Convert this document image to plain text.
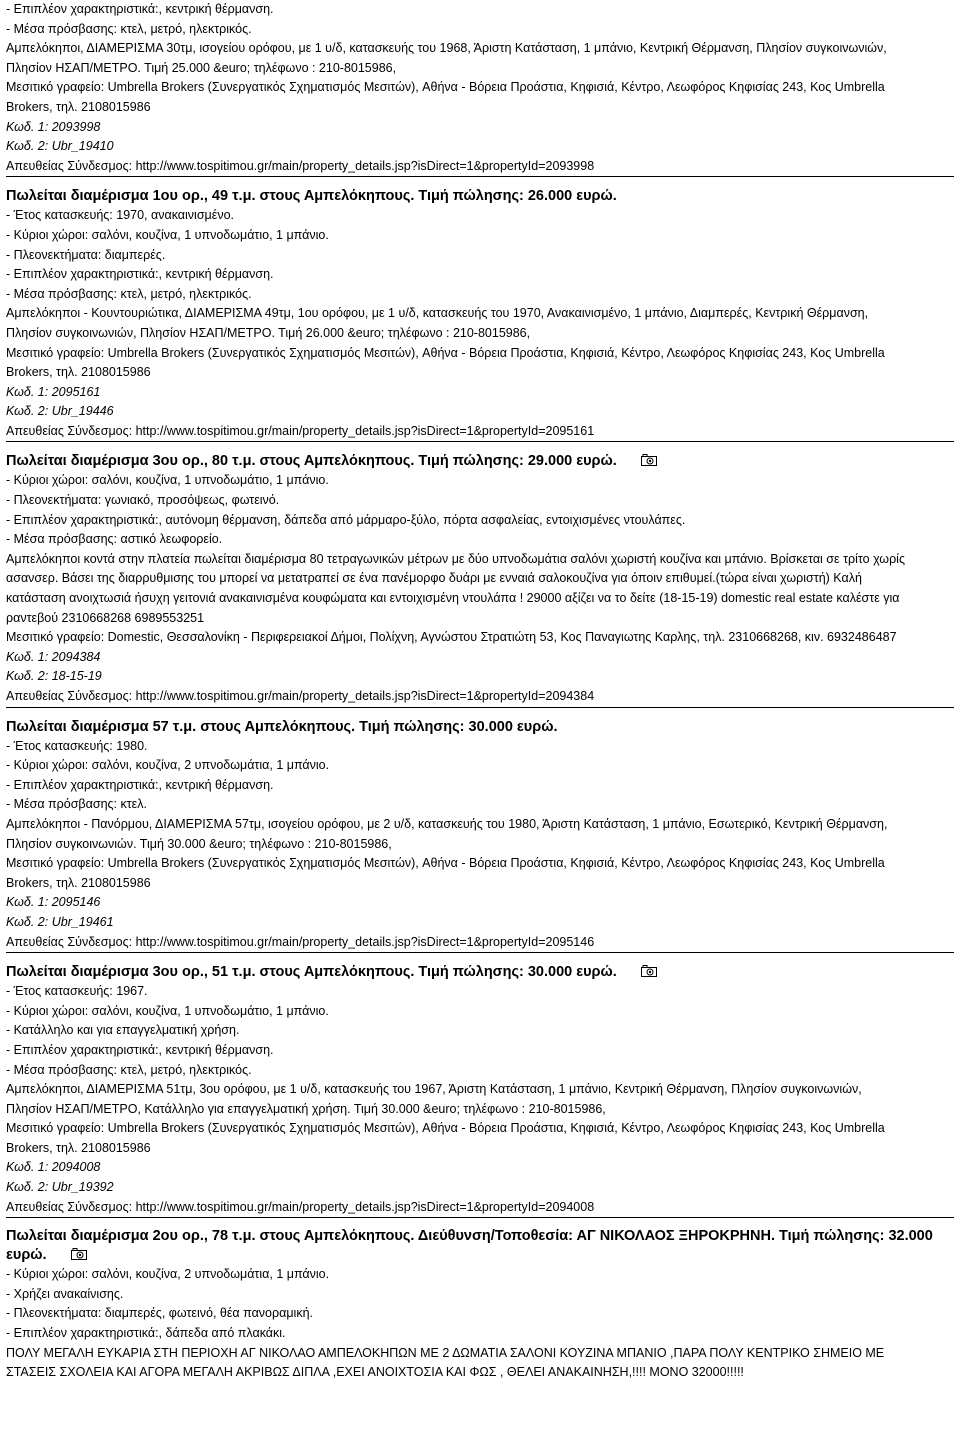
- Επιπλέον χαρακτηριστικά:, κεντρική θέρμανση.
- Μέσα πρόσβασης: κτελ, μετρό, ηλεκτρικός.
Αμπελόκηποι, ΔΙΑΜΕΡΙΣΜΑ 30τμ, ισογείου ορόφου, με 1 υ/δ, κατασκευής του 1968, Άριστη Κατάσταση, 1 μπάνιο, Κεντρική Θέρμανση, Πλησίον συγκοινωνιών,
Πλησίον ΗΣΑΠ/ΜΕΤΡΟ. Τιμή 25.000 &euro; τηλέφωνο : 210-8015986,
Μεσιτικό γραφείο: Umbrella Brokers (Συνεργατικός Σχηματισμός Μεσιτών), Αθήνα - Βόρεια Προάστια, Κηφισιά, Κέντρο, Λεωφόρος Κηφισίας 243, Κος Umbrella
Brokers, τηλ. 2108015986
Κωδ. 1: 2093998
Κωδ. 2: Ubr_19410
Απευθείας Σύνδεσμος: http://www.tospitimou.gr/main/property_details.jsp?isDirect=1&propertyId=2093998
Πωλείται διαμέρισμα 1ου ορ., 49 τ.μ. στους Αμπελόκηπους. Τιμή πώλησης: 26.000 ευρώ.
- Έτος κατασκευής: 1970, ανακαινισμένο.
- Κύριοι χώροι: σαλόνι, κουζίνα, 1 υπνοδωμάτιο, 1 μπάνιο.
- Πλεονεκτήματα: διαμπερές.
- Επιπλέον χαρακτηριστικά:, κεντρική θέρμανση.
- Μέσα πρόσβασης: κτελ, μετρό, ηλεκτρικός.
Αμπελόκηποι - Κουντουριώτικα, ΔΙΑΜΕΡΙΣΜΑ 49τμ, 1ου ορόφου, με 1 υ/δ, κατασκευής του 1970, Ανακαινισμένο, 1 μπάνιο, Διαμπερές, Κεντρική Θέρμανση,
Πλησίον συγκοινωνιών, Πλησίον ΗΣΑΠ/ΜΕΤΡΟ. Τιμή 26.000 &euro; τηλέφωνο : 210-8015986,
Μεσιτικό γραφείο: Umbrella Brokers (Συνεργατικός Σχηματισμός Μεσιτών), Αθήνα - Βόρεια Προάστια, Κηφισιά, Κέντρο, Λεωφόρος Κηφισίας 243, Κος Umbrella
Brokers, τηλ. 2108015986
Κωδ. 1: 2095161
Κωδ. 2: Ubr_19446
Απευθείας Σύνδεσμος: http://www.tospitimou.gr/main/property_details.jsp?isDirect=1&propertyId=2095161
Πωλείται διαμέρισμα 3ου ορ., 80 τ.μ. στους Αμπελόκηπους. Τιμή πώλησης: 29.000 ευρώ.
- Κύριοι χώροι: σαλόνι, κουζίνα, 1 υπνοδωμάτιο, 1 μπάνιο.
- Πλεονεκτήματα: γωνιακό, προσόψεως, φωτεινό.
- Επιπλέον χαρακτηριστικά:, αυτόνομη θέρμανση, δάπεδα από μάρμαρο-ξύλο, πόρτα ασφαλείας, εντοιχισμένες ντουλάπες.
- Μέσα πρόσβασης: αστικό λεωφορείο.
Αμπελόκηποι κοντά στην πλατεία πωλείται διαμέρισμα 80 τετραγωνικών μέτρων με δύο υπνοδωμάτια σαλόνι χωριστή κουζίνα και μπάνιο. Βρίσκεται σε τρίτο χωρίς
ασανσερ. Βάσει της διαρρυθμισης του μπορεί να μετατραπεί σε ένα πανέμορφο δυάρι με ενναιά σαλοκουζίνα για όποιν επιθυμεί.(τώρα είναι χωριστή) Καλή
κατάσταση ανοιχτωσιά ήσυχη γειτονιά ανακαινισμένα κουφώματα και εντοιχισμένη ντουλάπα ! 29000 αξίζει να το δείτε (18-15-19) domestic real estate καλέστε για
ραντεβού 2310668268 6989553251
Μεσιτικό γραφείο: Domestic, Θεσσαλονίκη - Περιφερειακοί Δήμοι, Πολίχνη, Αγνώστου Στρατιώτη 53, Κος Παναγιωτης Καρλης, τηλ. 2310668268, κιν. 6932486487
Κωδ. 1: 2094384
Κωδ. 2: 18-15-19
Απευθείας Σύνδεσμος: http://www.tospitimou.gr/main/property_details.jsp?isDirect=1&propertyId=2094384
Πωλείται διαμέρισμα 57 τ.μ. στους Αμπελόκηπους. Τιμή πώλησης: 30.000 ευρώ.
- Έτος κατασκευής: 1980.
- Κύριοι χώροι: σαλόνι, κουζίνα, 2 υπνοδωμάτια, 1 μπάνιο.
- Επιπλέον χαρακτηριστικά:, κεντρική θέρμανση.
- Μέσα πρόσβασης: κτελ.
Αμπελόκηποι - Πανόρμου, ΔΙΑΜΕΡΙΣΜΑ 57τμ, ισογείου ορόφου, με 2 υ/δ, κατασκευής του 1980, Άριστη Κατάσταση, 1 μπάνιο, Εσωτερικό, Κεντρική Θέρμανση,
Πλησίον συγκοινωνιών. Τιμή 30.000 &euro; τηλέφωνο : 210-8015986,
Μεσιτικό γραφείο: Umbrella Brokers (Συνεργατικός Σχηματισμός Μεσιτών), Αθήνα - Βόρεια Προάστια, Κηφισιά, Κέντρο, Λεωφόρος Κηφισίας 243, Κος Umbrella
Brokers, τηλ. 2108015986
Κωδ. 1: 2095146
Κωδ. 2: Ubr_19461
Απευθείας Σύνδεσμος: http://www.tospitimou.gr/main/property_details.jsp?isDirect=1&propertyId=2095146
Πωλείται διαμέρισμα 3ου ορ., 51 τ.μ. στους Αμπελόκηπους. Τιμή πώλησης: 30.000 ευρώ.
- Έτος κατασκευής: 1967.
- Κύριοι χώροι: σαλόνι, κουζίνα, 1 υπνοδωμάτιο, 1 μπάνιο.
- Κατάλληλο και για επαγγελματική χρήση.
- Επιπλέον χαρακτηριστικά:, κεντρική θέρμανση.
- Μέσα πρόσβασης: κτελ, μετρό, ηλεκτρικός.
Αμπελόκηποι, ΔΙΑΜΕΡΙΣΜΑ 51τμ, 3ου ορόφου, με 1 υ/δ, κατασκευής του 1967, Άριστη Κατάσταση, 1 μπάνιο, Κεντρική Θέρμανση, Πλησίον συγκοινωνιών,
Πλησίον ΗΣΑΠ/ΜΕΤΡΟ, Κατάλληλο για επαγγελματική χρήση. Τιμή 30.000 &euro; τηλέφωνο : 210-8015986,
Μεσιτικό γραφείο: Umbrella Brokers (Συνεργατικός Σχηματισμός Μεσιτών), Αθήνα - Βόρεια Προάστια, Κηφισιά, Κέντρο, Λεωφόρος Κηφισίας 243, Κος Umbrella
Brokers, τηλ. 2108015986
Κωδ. 1: 2094008
Κωδ. 2: Ubr_19392
Απευθείας Σύνδεσμος: http://www.tospitimou.gr/main/property_details.jsp?isDirect=1&propertyId=2094008
Πωλείται διαμέρισμα 2ου ορ., 78 τ.μ. στους Αμπελόκηπους. Διεύθυνση/Τοποθεσία: ΑΓ ΝΙΚΟΛΑΟΣ ΞΗΡΟΚΡΗΝΗ. Τιμή πώλησης: 32.000
ευρώ.
- Κύριοι χώροι: σαλόνι, κουζίνα, 2 υπνοδωμάτια, 1 μπάνιο.
- Χρήζει ανακαίνισης.
- Πλεονεκτήματα: διαμπερές, φωτεινό, θέα πανοραμική.
- Επιπλέον χαρακτηριστικά:, δάπεδα από πλακάκι.
ΠΟΛΥ ΜΕΓΑΛΗ ΕΥΚΑΡΙΑ ΣΤΗ ΠΕΡΙΟΧΗ ΑΓ ΝΙΚΟΛΑΟ ΑΜΠΕΛΟΚΗΠΩΝ ΜΕ 2 ΔΩΜΑΤΙΑ ΣΑΛΟΝΙ ΚΟΥΖΙΝΑ ΜΠΑΝΙΟ ,ΠΑΡΑ ΠΟΛΥ ΚΕΝΤΡΙΚΟ ΣΗΜΕΙΟ ΜΕ
ΣΤΑΣΕΙΣ ΣΧΟΛΕΙΑ ΚΑΙ ΑΓΟΡΑ ΜΕΓΑΛΗ ΑΚΡΙΒΩΣ ΔΙΠΛΑ ,ΕΧΕΙ ΑΝΟΙΧΤΟΣΙΑ ΚΑΙ ΦΩΣ , ΘΕΛΕΙ ΑΝΑΚΑΙΝΗΣΗ,!!!! ΜΟΝΟ 32000!!!!!
